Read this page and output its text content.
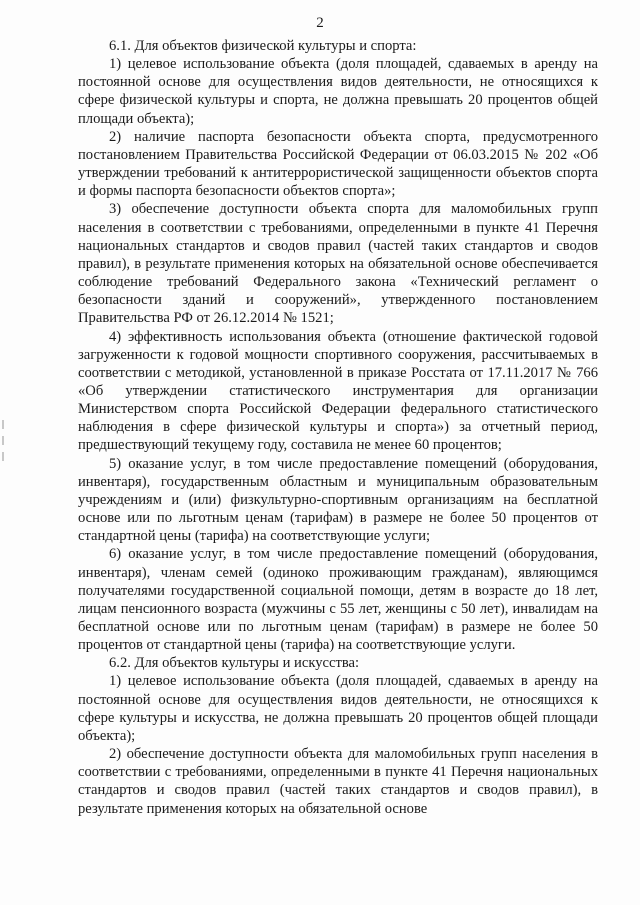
2

6.1. Для объектов физической культуры и спорта:

1) целевое использование объекта (доля площадей, сдаваемых в аренду на постоянной основе для осуществления видов деятельности, не относящихся к сфере физической культуры и спорта, не должна превышать 20 процентов общей площади объекта);

2) наличие паспорта безопасности объекта спорта, предусмотренного постановлением Правительства Российской Федерации от 06.03.2015 № 202 «Об утверждении требований к антитеррористической защищенности объектов спорта и формы паспорта безопасности объектов спорта»;

3) обеспечение доступности объекта спорта для маломобильных групп населения в соответствии с требованиями, определенными в пункте 41 Перечня национальных стандартов и сводов правил (частей таких стандартов и сводов правил), в результате применения которых на обязательной основе обеспечивается соблюдение требований Федерального закона «Технический регламент о безопасности зданий и сооружений», утвержденного постановлением Правительства РФ от 26.12.2014 № 1521;

4) эффективность использования объекта (отношение фактической годовой загруженности к годовой мощности спортивного сооружения, рассчитываемых в соответствии с методикой, установленной в приказе Росстата от 17.11.2017 № 766 «Об утверждении статистического инструментария для организации Министерством спорта Российской Федерации федерального статистического наблюдения в сфере физической культуры и спорта») за отчетный период, предшествующий текущему году, составила не менее 60 процентов;

5) оказание услуг, в том числе предоставление помещений (оборудования, инвентаря), государственным областным и муниципальным образовательным учреждениям и (или) физкультурно-спортивным организациям на бесплатной основе или по льготным ценам (тарифам) в размере не более 50 процентов от стандартной цены (тарифа) на соответствующие услуги;

6) оказание услуг, в том числе предоставление помещений (оборудования, инвентаря), членам семей (одиноко проживающим гражданам), являющимся получателями государственной социальной помощи, детям в возрасте до 18 лет, лицам пенсионного возраста (мужчины с 55 лет, женщины с 50 лет), инвалидам на бесплатной основе или по льготным ценам (тарифам) в размере не более 50 процентов от стандартной цены (тарифа) на соответствующие услуги.

6.2. Для объектов культуры и искусства:

1) целевое использование объекта (доля площадей, сдаваемых в аренду на постоянной основе для осуществления видов деятельности, не относящихся к сфере культуры и искусства, не должна превышать 20 процентов общей площади объекта);

2) обеспечение доступности объекта для маломобильных групп населения в соответствии с требованиями, определенными в пункте 41 Перечня национальных стандартов и сводов правил (частей таких стандартов и сводов правил), в результате применения которых на обязательной основе
